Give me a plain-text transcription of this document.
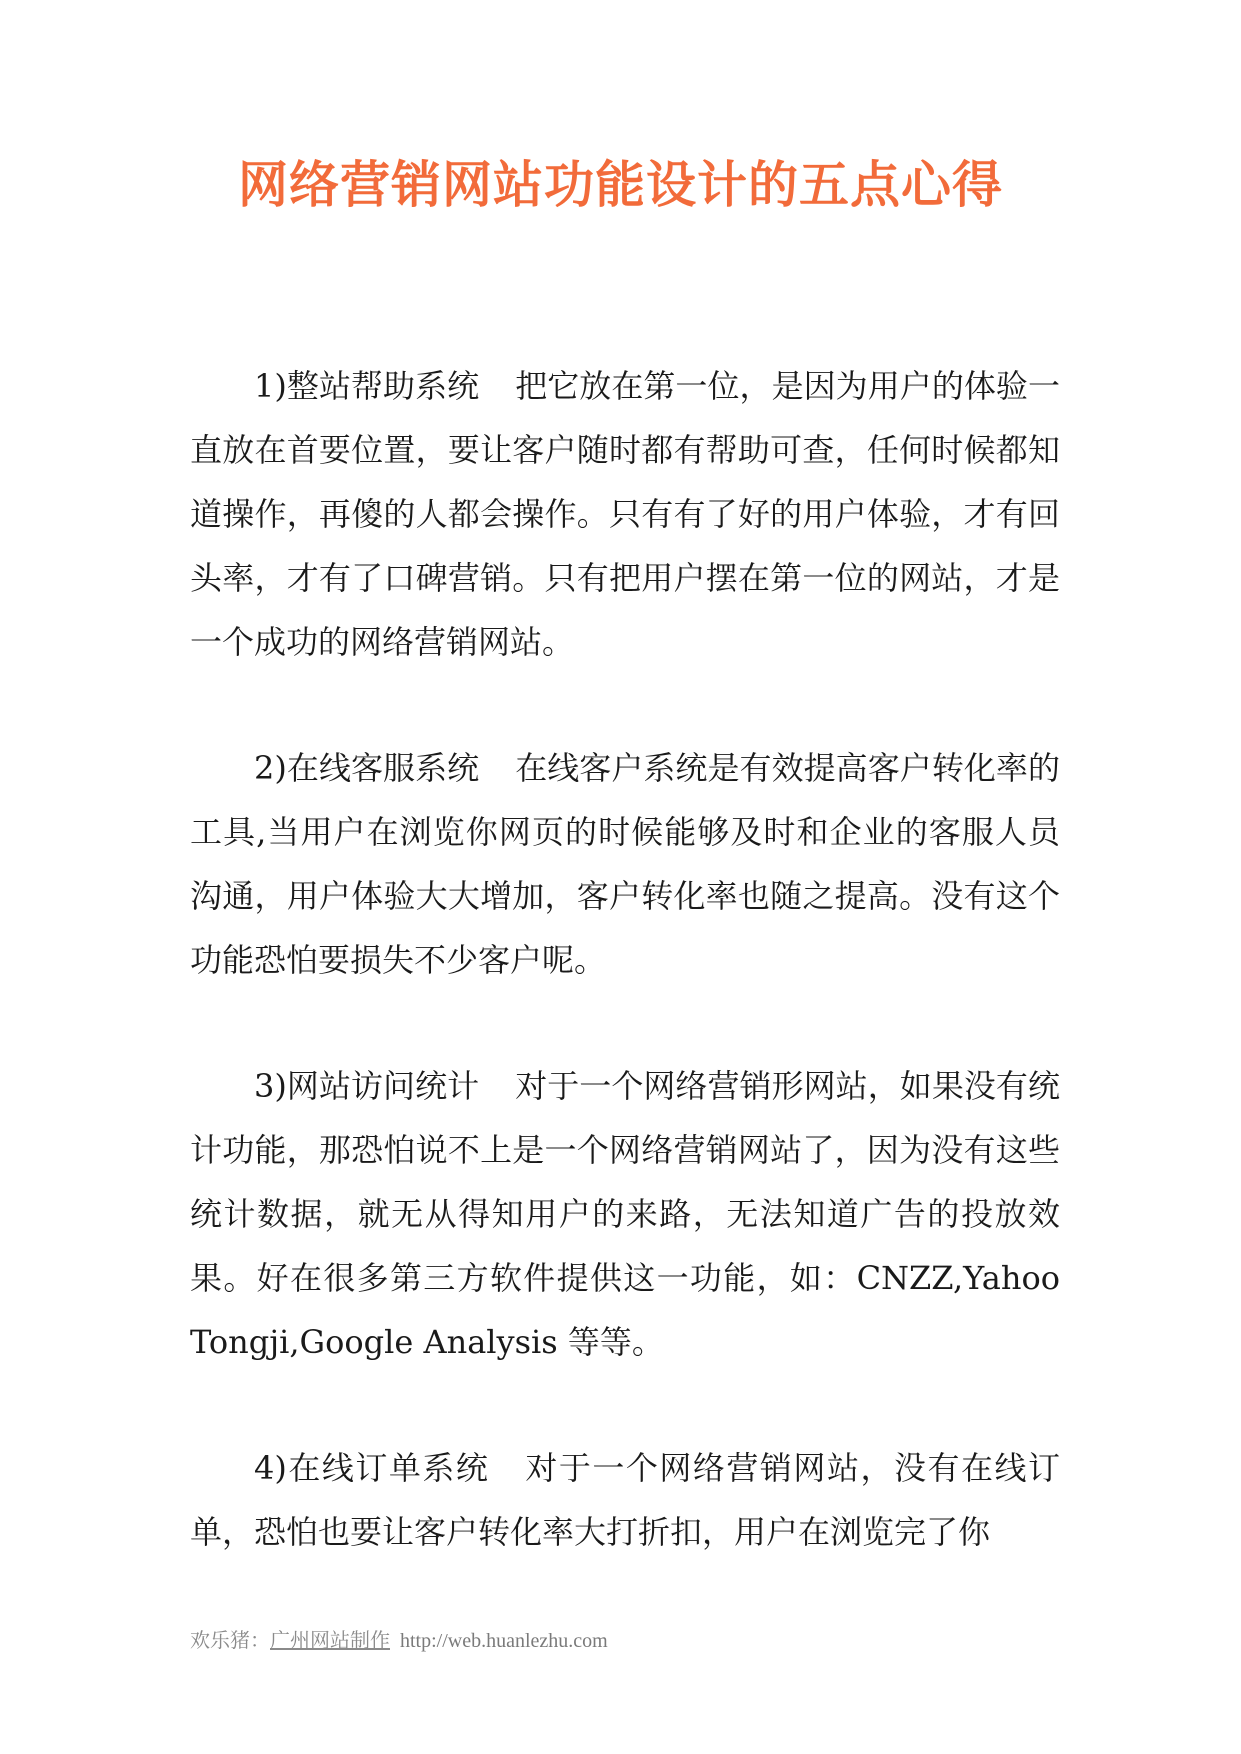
网络营销网站功能设计的五点心得

1)整站帮助系统 把它放在第一位，是因为用户的体验一直放在首要位置，要让客户随时都有帮助可查，任何时候都知道操作，再傻的人都会操作。只有有了好的用户体验，才有回头率，才有了口碑营销。只有把用户摆在第一位的网站，才是一个成功的网络营销网站。

2)在线客服系统 在线客户系统是有效提高客户转化率的工具,当用户在浏览你网页的时候能够及时和企业的客服人员沟通，用户体验大大增加，客户转化率也随之提高。没有这个功能恐怕要损失不少客户呢。

3)网站访问统计 对于一个网络营销形网站，如果没有统计功能，那恐怕说不上是一个网络营销网站了，因为没有这些统计数据，就无从得知用户的来路，无法知道广告的投放效果。好在很多第三方软件提供这一功能，如：CNZZ,Yahoo Tongji,Google Analysis 等等。

4)在线订单系统 对于一个网络营销网站，没有在线订单，恐怕也要让客户转化率大打折扣，用户在浏览完了你

欢乐猪：广州网站制作 http://web.huanlezhu.com
